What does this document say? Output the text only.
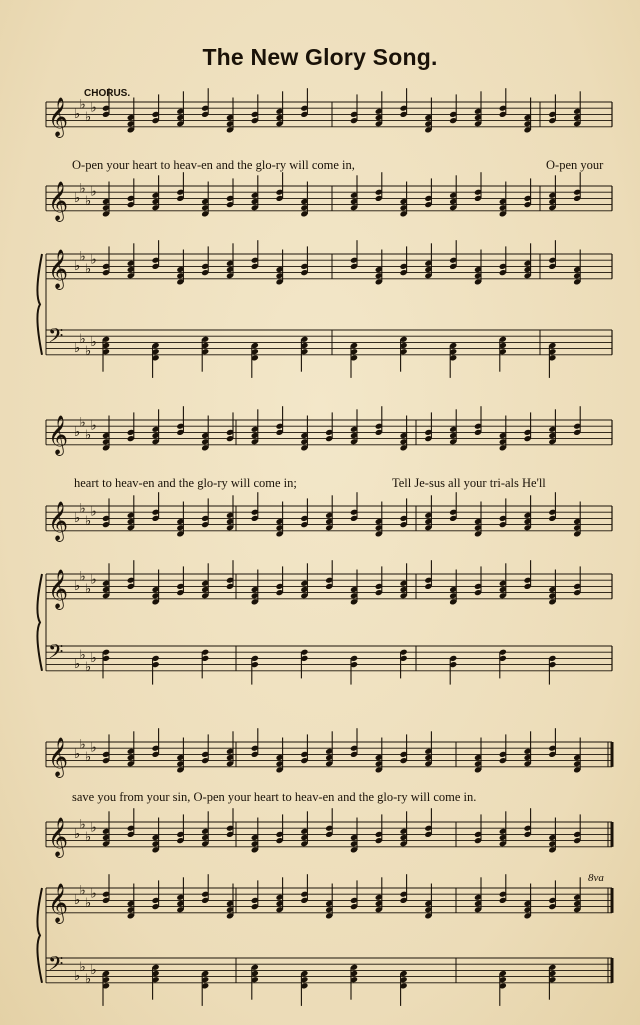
The New Glory Song.
CHORUS.
𝄞 ♭
♭
♭
♭
𝄞 ♭
♭
♭
♭
𝄞 ♭
♭
♭
♭
𝄢 ♭
♭
♭
♭
𝄞 ♭
♭
♭
♭
𝄞 ♭
♭
♭
♭
𝄞 ♭
♭
♭
♭
𝄢 ♭
♭
♭
♭
𝄞 ♭
♭
♭
♭
𝄞 ♭
♭
♭
♭
𝄞 ♭
♭
♭
♭
𝄢 ♭
♭
♭
♭
O-pen your heart to heav-en and the glo-ry will come in,	O-pen your
heart to heav-en and the glo-ry will come in;	Tell Je-sus all your tri-als He'll
save you from your sin, O-pen your heart to heav-en and the glo-ry will come in.
8va
